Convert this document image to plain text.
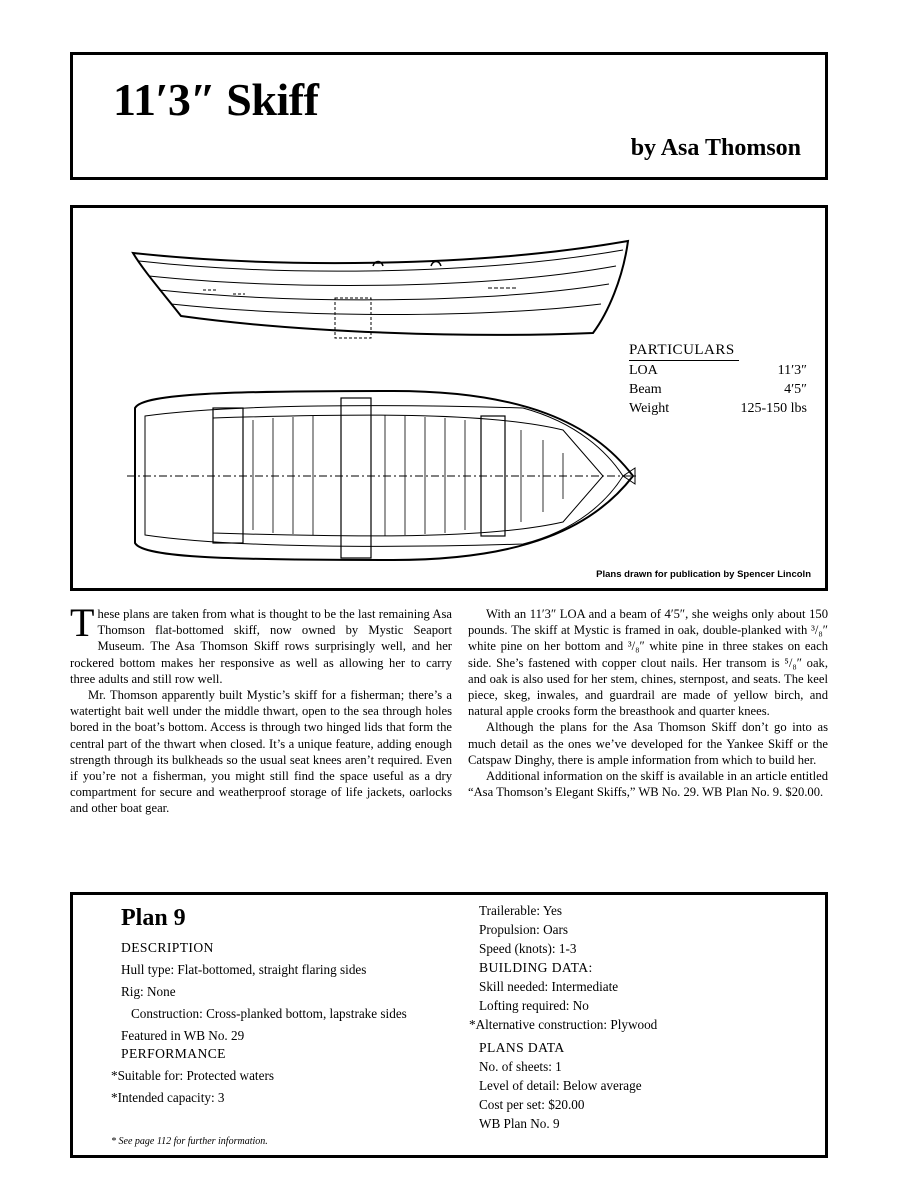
11′3″ Skiff
by Asa Thomson
PARTICULARS
LOA	11′3″
Beam	4′5″
Weight	125-150 lbs

Plans drawn for publication by Spencer Lincoln

These plans are taken from what is thought to be the last remaining Asa Thomson flat-bottomed skiff, now owned by Mystic Seaport Museum. The Asa Thomson Skiff rows surprisingly well, and her rockered bottom makes her responsive as well as allowing her to carry three adults and still row well.

Mr. Thomson apparently built Mystic’s skiff for a fisherman; there’s a watertight bait well under the middle thwart, open to the sea through holes bored in the boat’s bottom. Access is through two hinged lids that form the central part of the thwart when closed. It’s a unique feature, adding enough strength through its bulkheads so the usual seat knees aren’t required. Even if you’re not a fisherman, you might still find the space useful as a dry compartment for secure and weatherproof storage of life jackets, oarlocks and other boat gear.

With an 11′3″ LOA and a beam of 4′5″, she weighs only about 150 pounds. The skiff at Mystic is framed in oak, double-planked with ³/₈″ white pine on her bottom and ³/₈″ white pine in three stakes on each side. She’s fastened with copper clout nails. Her transom is ⁵/₈″ oak, and oak is also used for her stem, chines, sternpost, and seats. The keel piece, skeg, inwales, and guardrail are made of yellow birch, and natural apple crooks form the breasthook and quarter knees.

Although the plans for the Asa Thomson Skiff don’t go into as much detail as the ones we’ve developed for the Yankee Skiff or the Catspaw Dinghy, there is ample information from which to build her.

Additional information on the skiff is available in an article entitled “Asa Thomson’s Elegant Skiffs,” WB No. 29. WB Plan No. 9. $20.00.

Plan 9
DESCRIPTION
Hull type: Flat-bottomed, straight flaring sides
Rig: None
Construction: Cross-planked bottom, lapstrake sides
Featured in WB No. 29
PERFORMANCE
*Suitable for: Protected waters
*Intended capacity: 3
Trailerable: Yes
Propulsion: Oars
Speed (knots): 1-3
BUILDING DATA:
Skill needed: Intermediate
Lofting required: No
*Alternative construction: Plywood
PLANS DATA
No. of sheets: 1
Level of detail: Below average
Cost per set: $20.00
WB Plan No. 9

* See page 112 for further information.
